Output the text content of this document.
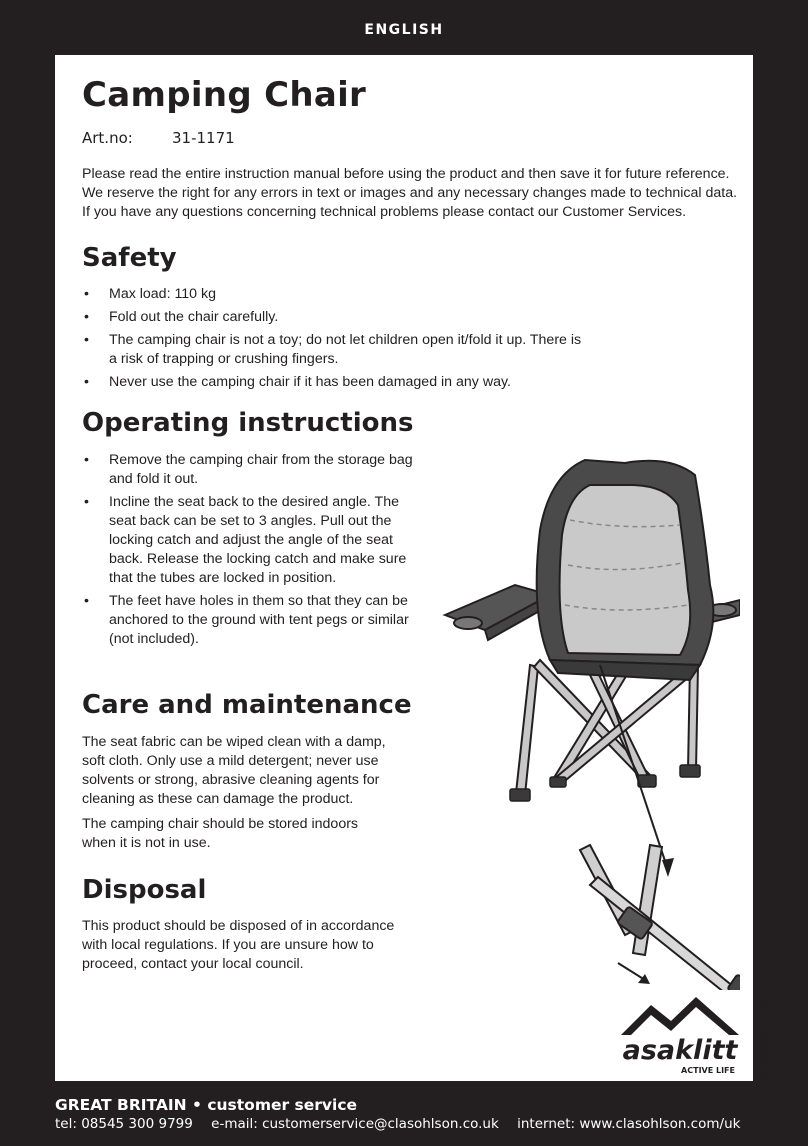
ENGLISH
Camping Chair
Art.no:	31-1171

Please read the entire instruction manual before using the product and then save it for future reference.

We reserve the right for any errors in text or images and any necessary changes made to technical data.

If you have any questions concerning technical problems please contact our Customer Services.

Safety
• Max load: 110 kg
• Fold out the chair carefully.
• The camping chair is not a toy; do not let children open it/fold it up. There is a risk of trapping or crushing fingers.
• Never use the camping chair if it has been damaged in any way.
Operating instructions
• Remove the camping chair from the storage bag and fold it out.
• Incline the seat back to the desired angle. The seat back can be set to 3 angles. Pull out the locking catch and adjust the angle of the seat back. Release the locking catch and make sure that the tubes are locked in position.
• The feet have holes in them so that they can be anchored to the ground with tent pegs or similar (not included).
Care and maintenance

The seat fabric can be wiped clean with a damp, soft cloth. Only use a mild detergent; never use solvents or strong, abrasive cleaning agents for cleaning as these can damage the product.

The camping chair should be stored indoors when it is not in use.

Disposal

This product should be disposed of in accordance with local regulations. If you are unsure how to proceed, contact your local council.

asaklitt
ACTIVE LIFE Ver. 20131125
GREAT BRITAIN • customer service
tel: 08545 300 9799 e-mail: customerservice@clasohlson.co.uk internet: www.clasohlson.com/uk
